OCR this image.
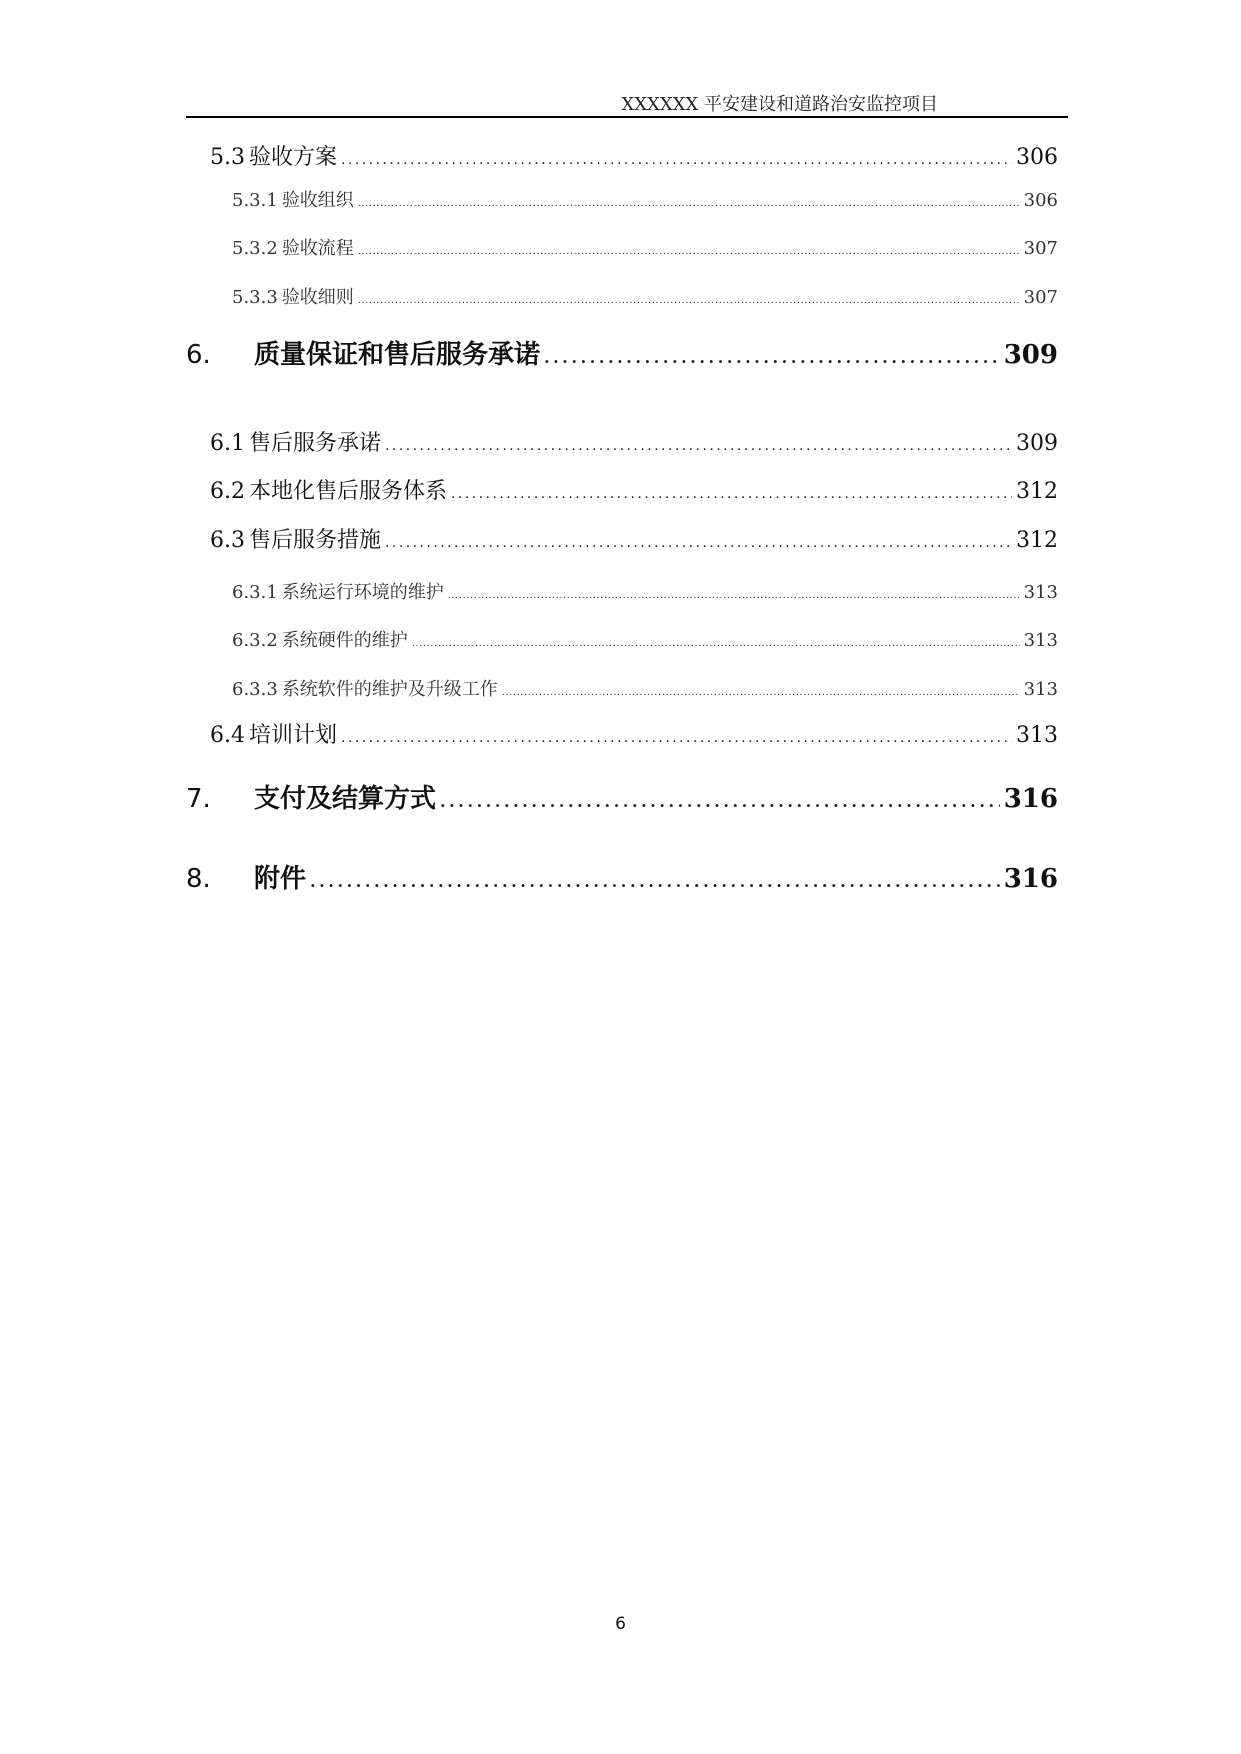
XXXXXX 平安建设和道路治安监控项目
5.3 验收方案 . . .	306
5.3.1 验收组织 . . .	306
5.3.2 验收流程 . . .	307
5.3.3 验收细则 . . .	307
6. 质量保证和售后服务承诺 . . .	309
6.1 售后服务承诺 . . .	309
6.2 本地化售后服务体系 . . .	312
6.3 售后服务措施 . . .	312
6.3.1 系统运行环境的维护 . . .	313
6.3.2 系统硬件的维护 . . .	313
6.3.3 系统软件的维护及升级工作 . . .	313
6.4 培训计划 . . .	313
7. 支付及结算方式 . . .	316
8. 附件 . . .	316
6
